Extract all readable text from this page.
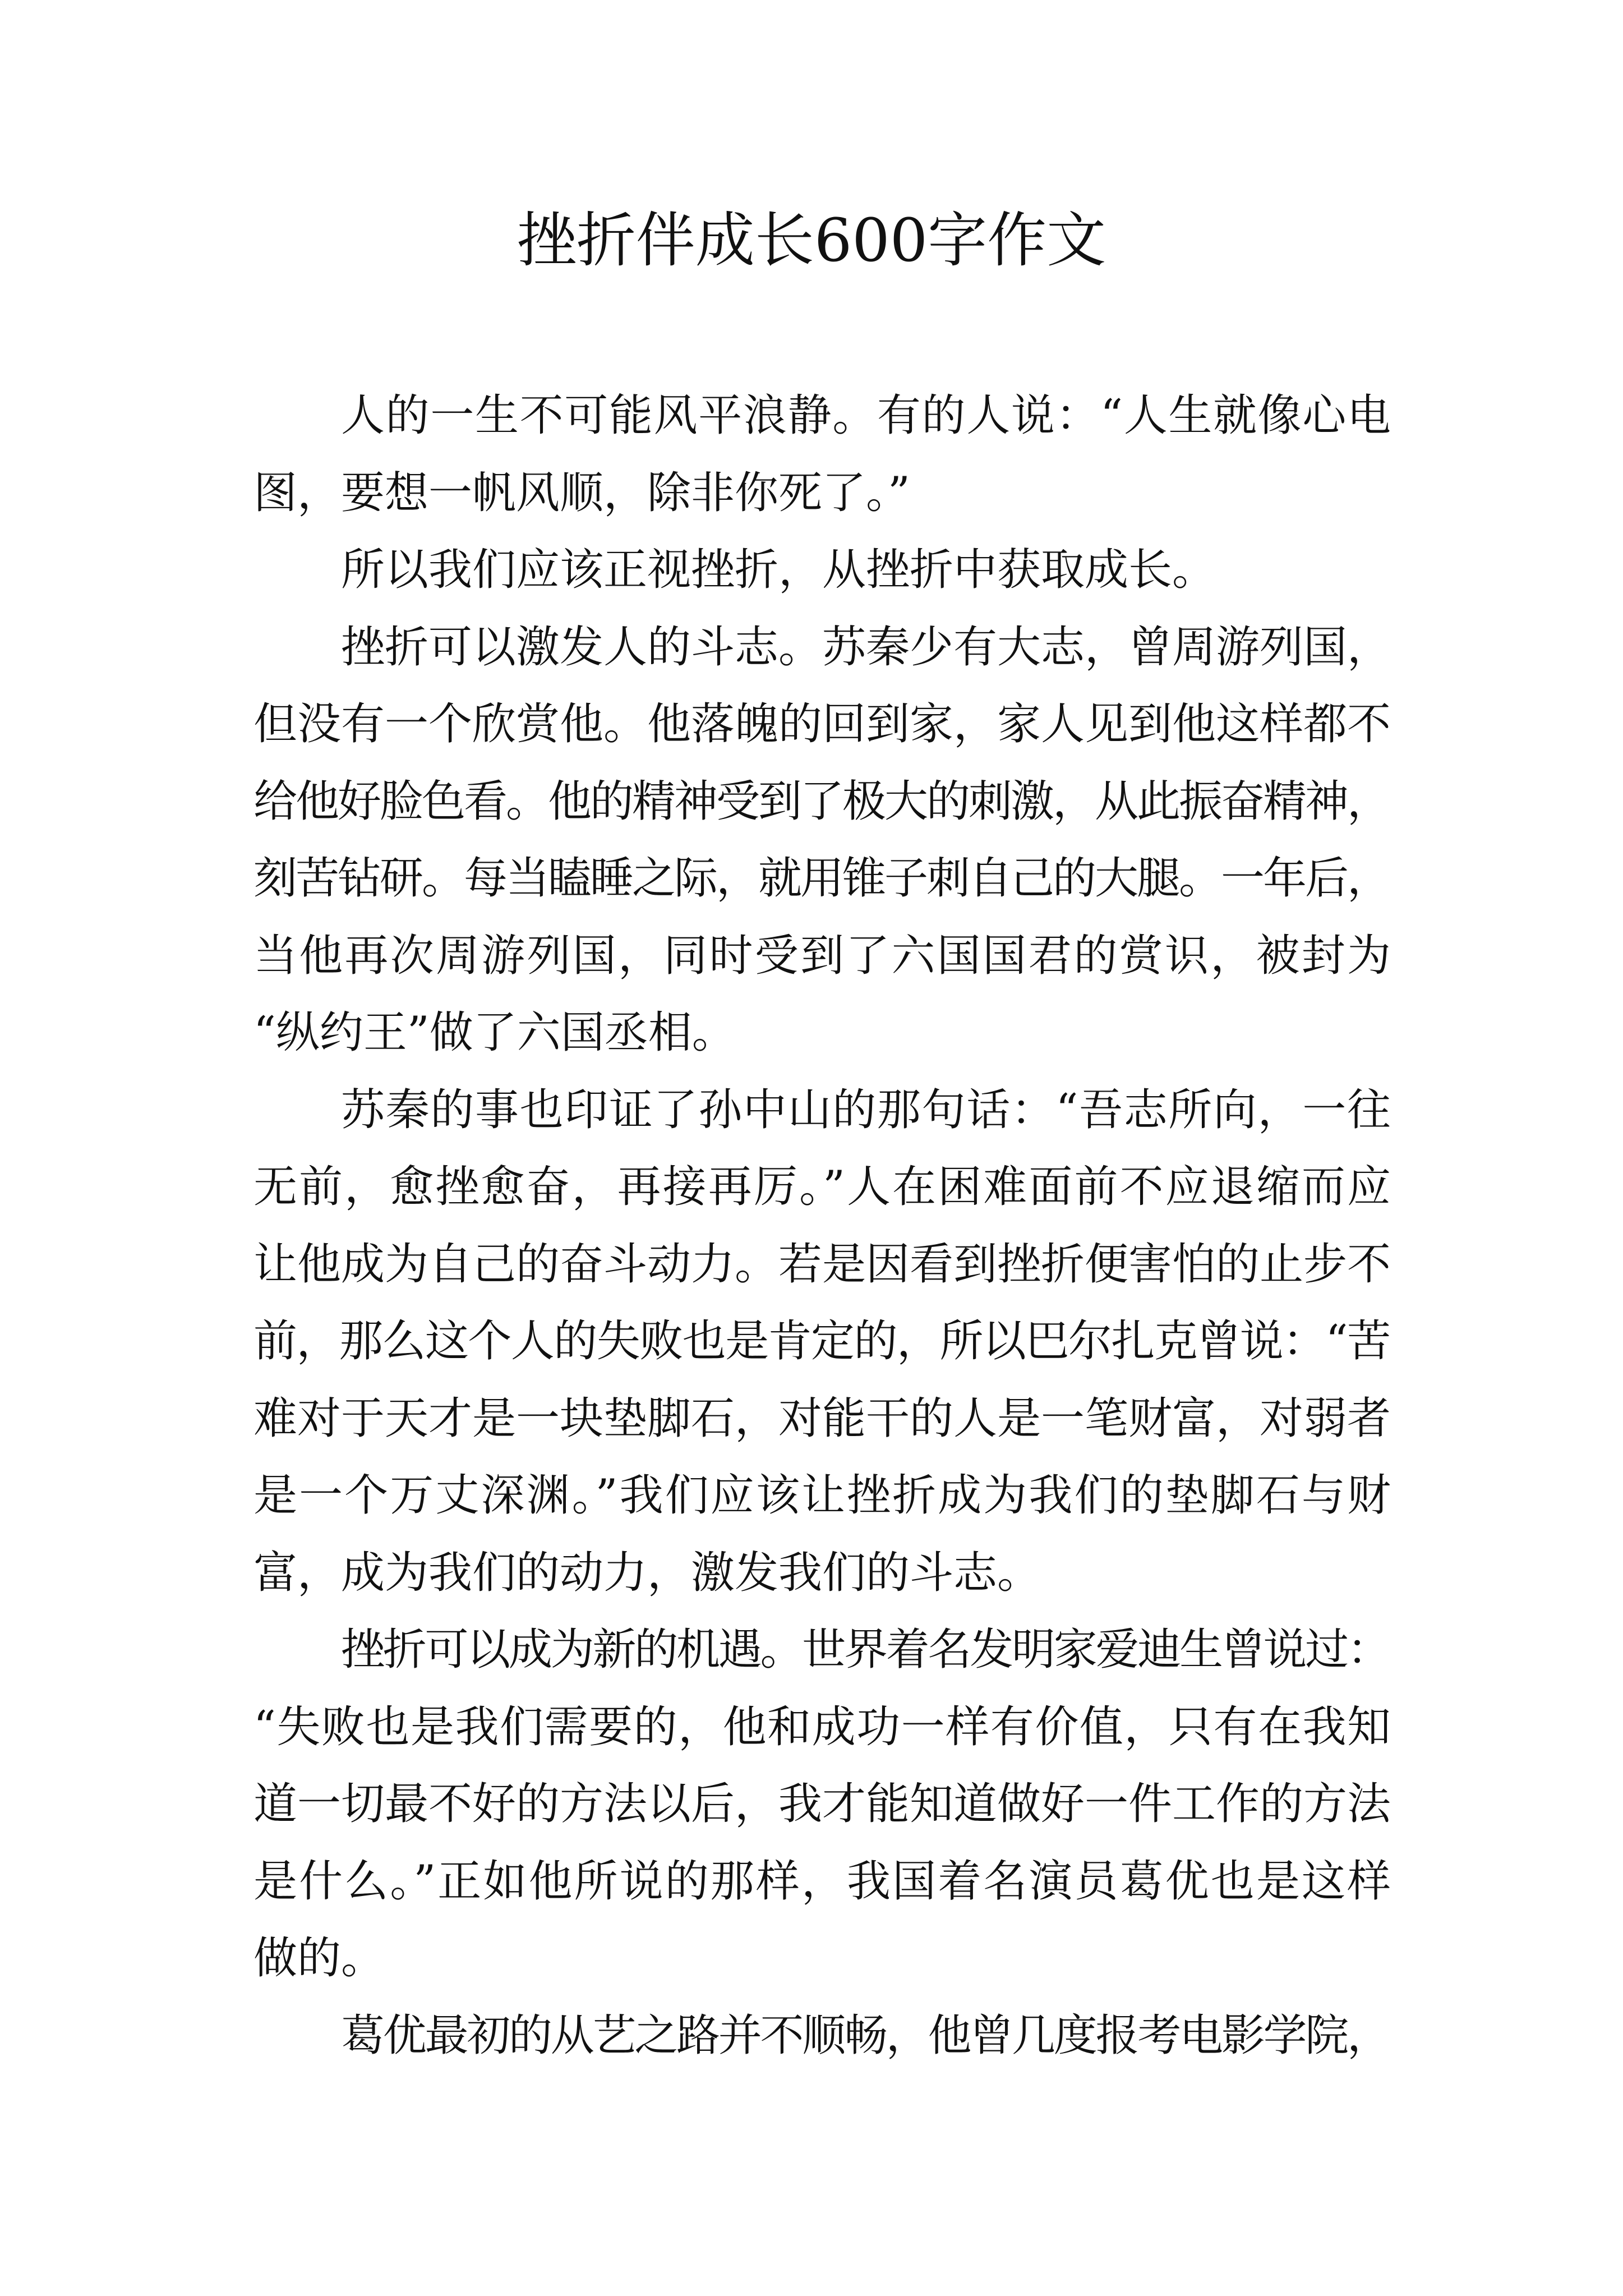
挫折伴成长600字作文
人的一生不可能风平浪静。有的人说：“人生就像心电
图，要想一帆风顺，除非你死了。”
所以我们应该正视挫折，从挫折中获取成长。
挫折可以激发人的斗志。苏秦少有大志，曾周游列国，
但没有一个欣赏他。他落魄的回到家，家人见到他这样都不
给他好脸色看。他的精神受到了极大的刺激，从此振奋精神，
刻苦钻研。每当瞌睡之际，就用锥子刺自己的大腿。一年后，
当他再次周游列国，同时受到了六国国君的赏识，被封为
“纵约王”做了六国丞相。
苏秦的事也印证了孙中山的那句话：“吾志所向，一往
无前，愈挫愈奋，再接再厉。”人在困难面前不应退缩而应
让他成为自己的奋斗动力。若是因看到挫折便害怕的止步不
前，那么这个人的失败也是肯定的，所以巴尔扎克曾说：“苦
难对于天才是一块垫脚石，对能干的人是一笔财富，对弱者
是一个万丈深渊。”我们应该让挫折成为我们的垫脚石与财
富，成为我们的动力，激发我们的斗志。
挫折可以成为新的机遇。世界着名发明家爱迪生曾说过：
“失败也是我们需要的，他和成功一样有价值，只有在我知
道一切最不好的方法以后，我才能知道做好一件工作的方法
是什么。”正如他所说的那样，我国着名演员葛优也是这样
做的。
葛优最初的从艺之路并不顺畅，他曾几度报考电影学院，
